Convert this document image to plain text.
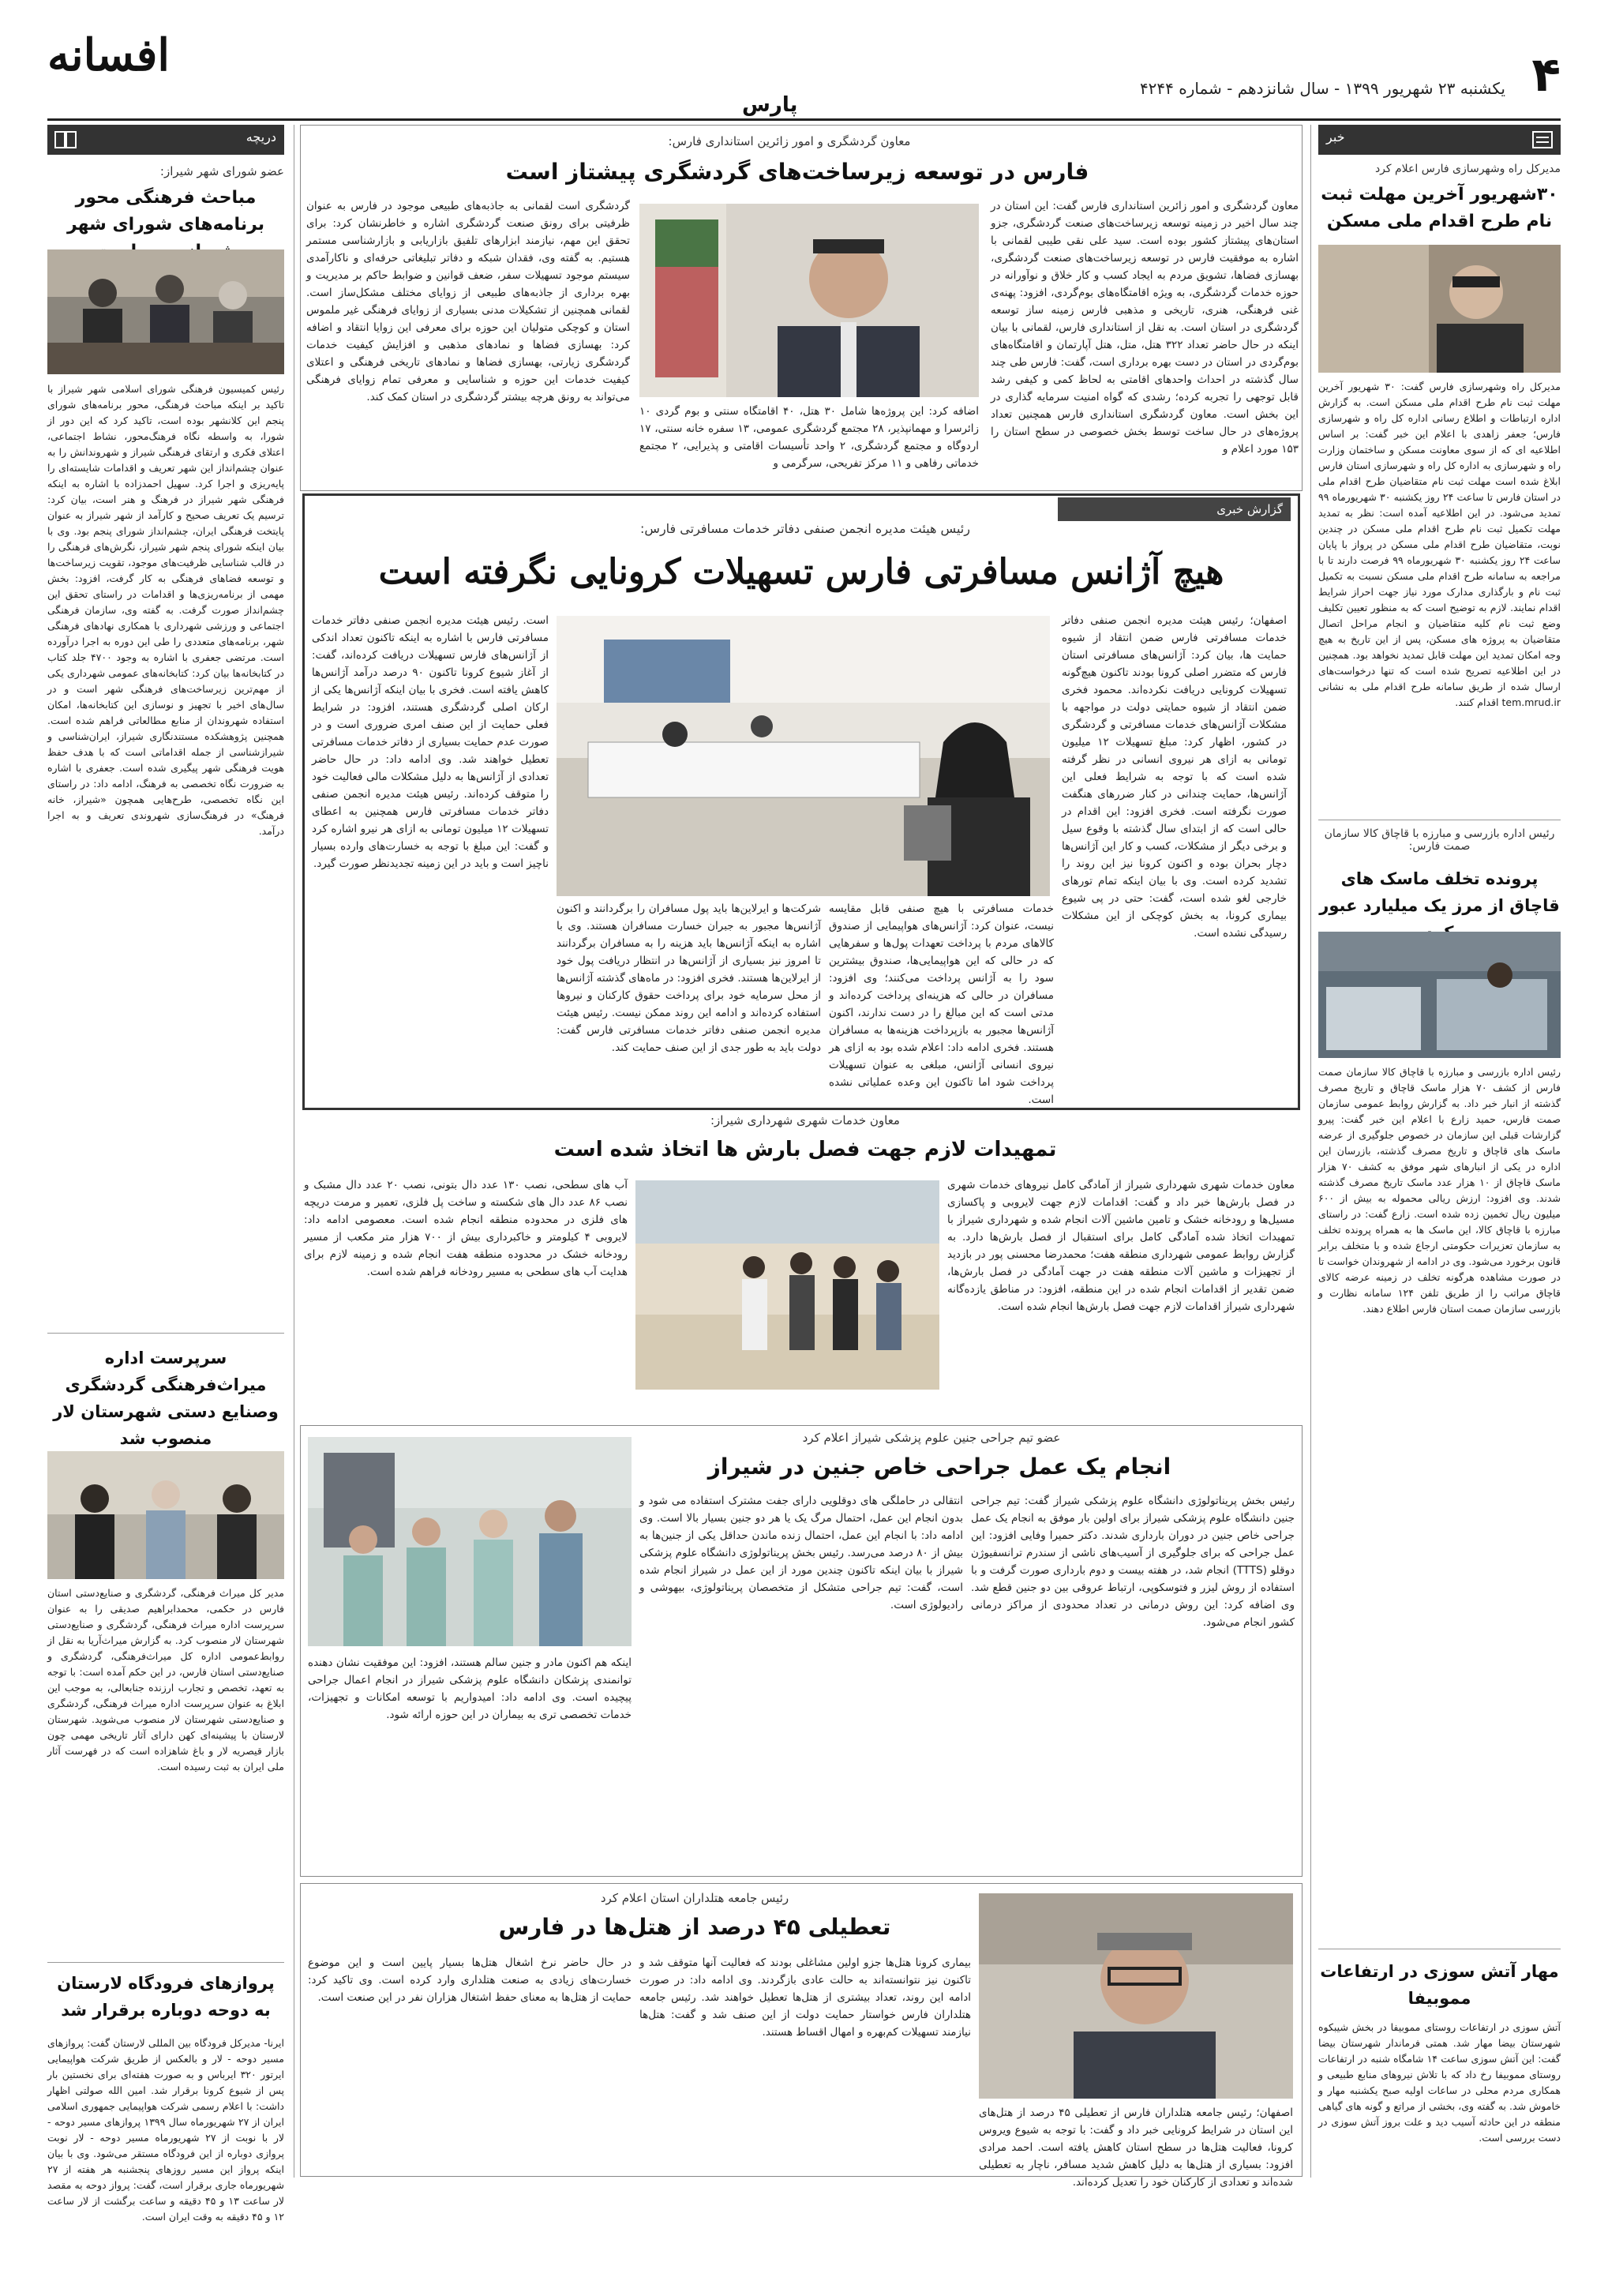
افسانه	۴
یکشنبه ۲۳ شهریور ۱۳۹۹ - سال شانزدهم - شماره ۴۲۴۴
پارس
دریچه
عضو شورای شهر شیراز:
مباحث فرهنگی محور برنامه‌های شورای شهر
رئیس کمیسیون فرهنگی شورای اسلامی شهر شیراز با تاکید بر اینکه مباحث فرهنگی، محور برنامه‌های شورای پنجم این کلانشهر بوده است، تاکید کرد که این دور از شورا، به واسطه نگاه فرهنگ‌محور، نشاط اجتماعی، اعتلای فکری و ارتقای فرهنگی شیراز و شهروندانش را به عنوان چشم‌انداز این شهر تعریف و اقدامات شایسته‌ای را پایه‌ریزی و اجرا کرد. سهیل احمدزاده با اشاره به اینکه فرهنگی شهر شیراز در فرهنگ و هنر است، بیان کرد: ترسیم یک تعریف صحیح و کارآمد از شهر شیراز به عنوان پایتخت فرهنگی ایران، چشم‌انداز شورای پنجم بود. وی با بیان اینکه شورای پنجم شهر شیراز، نگرش‌های فرهنگی را در قالب شناسایی ظرفیت‌های موجود، تقویت زیرساخت‌ها و توسعه فضاهای فرهنگی به کار گرفت، افزود: بخش مهمی از برنامه‌ریزی‌ها و اقدامات در راستای تحقق این چشم‌انداز صورت گرفت. به گفته وی، سازمان فرهنگی اجتماعی و ورزشی شهرداری با همکاری نهادهای فرهنگی شهر، برنامه‌های متعددی را طی این دوره به اجرا درآورده است. مرتضی جعفری با اشاره به وجود ۴۷۰۰ جلد کتاب در کتابخانه‌ها بیان کرد: کتابخانه‌های عمومی شهرداری یکی از مهم‌ترین زیرساخت‌های فرهنگی شهر است و در سال‌های اخیر با تجهیز و نوسازی این کتابخانه‌ها، امکان استفاده شهروندان از منابع مطالعاتی فراهم شده است. همچنین پژوهشکده مستندنگاری شیراز، ایران‌شناسی و شیرازشناسی از جمله اقداماتی است که با هدف حفظ هویت فرهنگی شهر پیگیری شده است. جعفری با اشاره به ضرورت نگاه تخصصی به فرهنگ، ادامه داد: در راستای این نگاه تخصصی، طرح‌هایی همچون «شیراز، خانه فرهنگ» در فرهنگ‌سازی شهروندی تعریف و به اجرا درآمد.
سرپرست اداره میراث‌فرهنگی گردشگری وصنایع دستی شهرستان لار منصوب شد
مدیر کل میراث فرهنگی، گردشگری و صنایع‌دستی استان فارس در حکمی، محمدابراهیم صدیقی را به عنوان سرپرست اداره میراث فرهنگی، گردشگری و صنایع‌دستی شهرستان لار منصوب کرد. به گزارش میراث‌آریا به نقل از روابط‌عمومی اداره کل میراث‌فرهنگی، گردشگری و صنایع‌دستی استان فارس، در این حکم آمده است: با توجه به تعهد، تخصص و تجارب ارزنده جنابعالی، به موجب این ابلاغ به عنوان سرپرست اداره میراث فرهنگی، گردشگری و صنایع‌دستی شهرستان لار منصوب می‌شوید. شهرستان لارستان با پیشینه‌ای کهن دارای آثار تاریخی مهمی چون بازار قیصریه لار و باغ شاهزاده است که در فهرست آثار ملی ایران به ثبت رسیده است.
پروازهای فرودگاه لارستان به دوحه دوباره برقرار شد
ایرنا- مدیرکل فرودگاه بین المللی لارستان گفت: پروازهای مسیر دوحه - لار و بالعکس از طریق شرکت هواپیمایی ایرتور ۳۲۰ ایرباس و به صورت هفته‌ای برای نخستین بار پس از شیوع کرونا برقرار شد. امین الله صولتی اظهار داشت: با اعلام رسمی شرکت هواپیمایی جمهوری اسلامی ایران از ۲۷ شهریورماه سال ۱۳۹۹ پروازهای مسیر دوحه - لار با نوبت از ۲۷ شهریورماه مسیر دوحه - لار نوبت پروازی دوباره از این فرودگاه مستقر می‌شود. وی با بیان اینکه پرواز این مسیر روزهای پنجشنبه هر هفته از ۲۷ شهریورماه جاری برقرار است، گفت: پرواز دوحه به مقصد لار ساعت ۱۳ و ۴۵ دقیقه و ساعت برگشت از لار ساعت ۱۲ و ۴۵ دقیقه به وقت ایران است.
خبر
مدیرکل راه وشهرسازی فارس اعلام کرد
۳۰شهریور آخرین مهلت ثبت نام طرح اقدام ملی مسکن
مدیرکل راه وشهرسازی فارس گفت: ۳۰ شهریور آخرین مهلت ثبت نام طرح اقدام ملی مسکن است. به گزارش اداره ارتباطات و اطلاع رسانی اداره کل راه و شهرسازی فارس؛ جعفر زاهدی با اعلام این خبر گفت: بر اساس اطلاعیه ای که از سوی معاونت مسکن و ساختمان وزارت راه و شهرسازی به اداره کل راه و شهرسازی استان فارس ابلاغ شده است مهلت ثبت نام متقاضیان طرح اقدام ملی در استان فارس تا ساعت ۲۴ روز یکشنبه ۳۰ شهریورماه ۹۹ تمدید می‌شود. در این اطلاعیه آمده است: نظر به تمدید مهلت تکمیل ثبت نام طرح اقدام ملی مسکن در چندین نوبت، متقاضیان طرح اقدام ملی مسکن در پرواز با پایان ساعت ۲۴ روز یکشنبه ۳۰ شهریورماه ۹۹ فرصت دارند تا با مراجعه به سامانه طرح اقدام ملی مسکن نسبت به تکمیل ثبت نام و بارگذاری مدارک مورد نیاز جهت احراز شرایط اقدام نمایند. لازم به توضیح است که به منظور تعیین تکلیف وضع ثبت نام کلیه متقاضیان و انجام مراحل اتصال متقاضیان به پروژه های مسکن، پس از این تاریخ به هیچ وجه امکان تمدید این مهلت قابل تمدید نخواهد بود. همچنین در این اطلاعیه تصریح شده است که تنها درخواست‌های ارسال شده از طریق سامانه طرح اقدام ملی به نشانی tem.mrud.ir اقدام کنند.
رئیس اداره بازرسی و مبارزه با قاچاق کالا سازمان صمت فارس:
پرونده تخلف ماسک های قاچاق از مرز یک میلیارد عبور
رئیس اداره بازرسی و مبارزه با قاچاق کالا سازمان صمت فارس از کشف ۷۰ هزار ماسک قاچاق و تاریخ مصرف گذشته از انبار خبر داد. به گزارش روابط عمومی سازمان صمت فارس، حمید زارع با اعلام این خبر گفت: پیرو گزارشات قبلی این سازمان در خصوص جلوگیری از عرضه ماسک های قاچاق و تاریخ مصرف گذشته، بازرسان این اداره در یکی از انبارهای شهر موفق به کشف ۷۰ هزار ماسک قاچاق از ۱۰ هزار عدد ماسک تاریخ مصرف گذشته شدند. وی افزود: ارزش ریالی محموله به بیش از ۶۰۰ میلیون ریال تخمین زده شده است. زارع گفت: در راستای مبارزه با قاچاق کالا، این ماسک ها به همراه پرونده تخلف به سازمان تعزیرات حکومتی ارجاع شده و با متخلف برابر قانون برخورد می‌شود. وی در ادامه از شهروندان خواست تا در صورت مشاهده هرگونه تخلف در زمینه عرضه کالای قاچاق مراتب را از طریق تلفن ۱۲۴ سامانه نظارت و بازرسی سازمان صمت استان فارس اطلاع دهند.
مهار آتش سوزی در ارتفاعات مموبیفا
آتش سوزی در ارتفاعات روستای مموبیفا در بخش شیبکوه شهرستان بیضا مهار شد. همتی فرماندار شهرستان بیضا گفت: این آتش سوزی ساعت ۱۴ شامگاه شنبه در ارتفاعات روستای مموبیفا رخ داد که با تلاش نیروهای منابع طبیعی و همکاری مردم محلی در ساعات اولیه صبح یکشنبه مهار و خاموش شد. به گفته وی، بخشی از مراتع و گونه های گیاهی منطقه در این حادثه آسیب دید و علت بروز آتش سوزی در دست بررسی است.
معاون گردشگری و امور زائرین استانداری فارس:
فارس در توسعه زیرساخت‌های گردشگری پیشتاز است
معاون گردشگری و امور زائرین استانداری فارس گفت: این استان در چند سال اخیر در زمینه توسعه زیرساخت‌های صنعت گردشگری، جزو استان‌های پیشتاز کشور بوده است. سید علی نقی طیبی لقمانی با اشاره به موفقیت فارس در توسعه زیرساخت‌های صنعت گردشگری، بهسازی فضاها، تشویق مردم به ایجاد کسب و کار خلاق و نوآورانه در حوزه خدمات گردشگری، به ویژه اقامتگاه‌های بوم‌گردی، افزود: پهنه‌ی غنی فرهنگی، هنری، تاریخی و مذهبی فارس زمینه ساز توسعه گردشگری در استان است. به نقل از استانداری فارس، لقمانی با بیان اینکه در حال حاضر تعداد ۳۲۲ هتل، متل، هتل آپارتمان و اقامتگاه‌های بوم‌گردی در استان در دست بهره برداری است، گفت: فارس طی چند سال گذشته در احداث واحدهای اقامتی به لحاظ کمی و کیفی رشد قابل توجهی را تجربه کرده؛ رشدی که گواه امنیت سرمایه گذاری در این بخش است. معاون گردشگری استانداری فارس همچنین تعداد پروژه‌های در حال ساخت توسط بخش خصوصی در سطح استان را ۱۵۳ مورد اعلام و
گردشگری است لقمانی به جاذبه‌های طبیعی موجود در فارس به عنوان ظرفیتی برای رونق صنعت گردشگری اشاره و خاطرنشان کرد: برای تحقق این مهم، نیازمند ابزارهای تلفیق بازاریابی و بازارشناسی مستمر هستیم. به گفته وی، فقدان شبکه و دفاتر تبلیغاتی حرفه‌ای و ناکارآمدی سیستم موجود تسهیلات سفر، ضعف قوانین و ضوابط حاکم بر مدیریت و بهره برداری از جاذبه‌های طبیعی از زوایای مختلف مشکل‌ساز است. لقمانی همچنین از تشکیلات مدنی بسیاری از زوایای فرهنگی غیر ملموس استان و کوچکی متولیان این حوزه برای معرفی این زوایا انتقاد و اضافه کرد: بهسازی فضاها و نمادهای مذهبی و افزایش کیفیت خدمات گردشگری زیارتی، بهسازی فضاها و نمادهای تاریخی فرهنگی و اعتلای کیفیت خدمات این حوزه و شناسایی و معرفی تمام زوایای فرهنگی می‌تواند به رونق هرچه بیشتر گردشگری در استان کمک کند.
اضافه کرد: این پروژه‌ها شامل ۳۰ هتل، ۴۰ اقامتگاه سنتی و بوم گردی ۱۰ زائرسرا و مهمانپذیر، ۲۸ مجتمع گردشگری عمومی، ۱۳ سفره خانه سنتی، ۱۷ اردوگاه و مجتمع گردشگری، ۲ واحد تأسیسات اقامتی و پذیرایی، ۲ مجتمع خدماتی رفاهی و ۱۱ مرکز تفریحی، سرگرمی و
گزارش خبری
رئیس هیئت مدیره انجمن صنفی دفاتر خدمات مسافرتی فارس:
هیچ آژانس مسافرتی فارس تسهیلات کرونایی نگرفته است
اصفهان؛ رئیس هیئت مدیره انجمن صنفی دفاتر خدمات مسافرتی فارس ضمن انتقاد از شیوه حمایت ها، بیان کرد: آژانس‌های مسافرتی استان فارس که متضرر اصلی کرونا بودند تاکنون هیچ‌گونه تسهیلات کرونایی دریافت نکرده‌اند. محمود فخری ضمن انتقاد از شیوه حمایتی دولت در مواجهه با مشکلات آژانس‌های خدمات مسافرتی و گردشگری در کشور، اظهار کرد: مبلغ تسهیلات ۱۲ میلیون تومانی به ازای هر نیروی انسانی در نظر گرفته شده است که با توجه به شرایط فعلی این آژانس‌ها، حمایت چندانی در کنار ضررهای هنگفت صورت نگرفته است. فخری افزود: این اقدام در حالی است که از ابتدای سال گذشته با وقوع سیل و برخی دیگر از مشکلات، کسب و کار این آژانس‌ها دچار بحران بوده و اکنون کرونا نیز این روند را تشدید کرده است. وی با بیان اینکه تمام تورهای خارجی لغو شده است، گفت: حتی در پی شیوع بیماری کرونا، به بخش کوچکی از این مشکلات رسیدگی نشده است.
خدمات مسافرتی با هیچ صنفی قابل مقایسه نیست، عنوان کرد: آژانس‌های هواپیمایی از صندوق کالاهای مردم با پرداخت تعهدات پول‌ها و سفرهایی که در حالی که این هواپیمایی‌ها، صندوق بیشترین سود را به آژانس پرداخت می‌کنند؛ وی افزود: مسافران در حالی که هزینه‌ای پرداخت کرده‌اند و مدتی است که این مبالغ را در دست ندارند، اکنون آژانس‌ها مجبور به بازپرداخت هزینه‌ها به مسافران هستند. فخری ادامه داد: اعلام شده بود به ازای هر نیروی انسانی آژانس، مبلغی به عنوان تسهیلات پرداخت شود اما تاکنون این وعده عملیاتی نشده است.
شرکت‌ها و ایرلاین‌ها باید پول مسافران را برگردانند و اکنون آژانس‌ها مجبور به جبران خسارت مسافران هستند. وی با اشاره به اینکه آژانس‌ها باید هزینه را به مسافران برگردانند تا امروز نیز بسیاری از آژانس‌ها در انتظار دریافت پول خود از ایرلاین‌ها هستند. فخری افزود: در ماه‌های گذشته آژانس‌ها از محل سرمایه خود برای پرداخت حقوق کارکنان و نیروها استفاده کرده‌اند و ادامه این روند ممکن نیست. رئیس هیئت مدیره انجمن صنفی دفاتر خدمات مسافرتی فارس گفت: دولت باید به طور جدی از این صنف حمایت کند.
است. رئیس هیئت مدیره انجمن صنفی دفاتر خدمات مسافرتی فارس با اشاره به اینکه تاکنون تعداد اندکی از آژانس‌های فارس تسهیلات دریافت کرده‌اند، گفت: از آغاز شیوع کرونا تاکنون ۹۰ درصد درآمد آژانس‌ها کاهش یافته است. فخری با بیان اینکه آژانس‌ها یکی از ارکان اصلی گردشگری هستند، افزود: در شرایط فعلی حمایت از این صنف امری ضروری است و در صورت عدم حمایت بسیاری از دفاتر خدمات مسافرتی تعطیل خواهند شد. وی ادامه داد: در حال حاضر تعدادی از آژانس‌ها به دلیل مشکلات مالی فعالیت خود را متوقف کرده‌اند. رئیس هیئت مدیره انجمن صنفی دفاتر خدمات مسافرتی فارس همچنین به اعطای تسهیلات ۱۲ میلیون تومانی به ازای هر نیرو اشاره کرد و گفت: این مبلغ با توجه به خسارت‌های وارده بسیار ناچیز است و باید در این زمینه تجدیدنظر صورت گیرد.
معاون خدمات شهری شهرداری شیراز:
تمهیدات لازم جهت فصل بارش ها اتخاذ شده است
معاون خدمات شهری شهرداری شیراز از آمادگی کامل نیروهای خدمات شهری در فصل بارش‌ها خبر داد و گفت: اقدامات لازم جهت لایروبی و پاکسازی مسیل‌ها و رودخانه خشک و تامین ماشین آلات انجام شده و شهرداری شیراز با تمهیدات اتخاذ شده آمادگی کامل برای استقبال از فصل بارش‌ها دارد. به گزارش روابط عمومی شهرداری منطقه هفت؛ محمدرضا محسنی پور در بازدید از تجهیزات و ماشین آلات منطقه هفت در جهت آمادگی در فصل بارش‌ها، ضمن تقدیر از اقدامات انجام شده در این منطقه، افزود: در مناطق یازده‌گانه شهرداری شیراز اقدامات لازم جهت فصل بارش‌ها انجام شده است.
آب های سطحی، نصب ۱۳۰ عدد دال بتونی، نصب ۲۰ عدد دال مشبک و نصب ۸۶ عدد دال های شکسته و ساخت پل فلزی، تعمیر و مرمت دریچه های فلزی در محدوده منطقه انجام شده است. معصومی ادامه داد: لایروبی ۴ کیلومتر و خاکبرداری بیش از ۷۰۰ هزار متر مکعب از مسیر رودخانه خشک در محدوده منطقه هفت انجام شده و زمینه لازم برای هدایت آب های سطحی به مسیر رودخانه فراهم شده است.
عضو تیم جراحی جنین علوم پزشکی شیراز اعلام کرد
انجام یک عمل جراحی خاص جنین در شیراز
رئیس بخش پریناتولوژی دانشگاه علوم پزشکی شیراز گفت: تیم جراحی جنین دانشگاه علوم پزشکی شیراز برای اولین بار موفق به انجام یک عمل جراحی خاص جنین در دوران بارداری شدند. دکتر حمیرا وفایی افزود: این عمل جراحی که برای جلوگیری از آسیب‌های ناشی از سندرم ترانسفیوژن دوقلو (TTTS) انجام شد، در هفته بیست و دوم بارداری صورت گرفت و با استفاده از روش لیزر و فتوسکوپی، ارتباط عروقی بین دو جنین قطع شد. وی اضافه کرد: این روش درمانی در تعداد محدودی از مراکز درمانی کشور انجام می‌شود.
انتقالی در حاملگی های دوقلویی دارای جفت مشترک استفاده می شود و بدون انجام این عمل، احتمال مرگ یک یا هر دو جنین بسیار بالا است. وی ادامه داد: با انجام این عمل، احتمال زنده ماندن حداقل یکی از جنین‌ها به بیش از ۸۰ درصد می‌رسد. رئیس بخش پریناتولوژی دانشگاه علوم پزشکی شیراز با بیان اینکه تاکنون چندین مورد از این عمل در شیراز انجام شده است، گفت: تیم جراحی متشکل از متخصصان پریناتولوژی، بیهوشی و رادیولوژی است.
اینکه هم اکنون مادر و جنین سالم هستند، افزود: این موفقیت نشان دهنده توانمندی پزشکان دانشگاه علوم پزشکی شیراز در انجام اعمال جراحی پیچیده است. وی ادامه داد: امیدواریم با توسعه امکانات و تجهیزات، خدمات تخصصی تری به بیماران در این حوزه ارائه شود.
رئیس جامعه هتلداران استان اعلام کرد
تعطیلی ۴۵ درصد از هتل‌ها در فارس
اصفهان؛ رئیس جامعه هتلداران فارس از تعطیلی ۴۵ درصد از هتل‌های این استان در شرایط کرونایی خبر داد و گفت: با توجه به شیوع ویروس کرونا، فعالیت هتل‌ها در سطح استان کاهش یافته است. احمد مرادی افزود: بسیاری از هتل‌ها به دلیل کاهش شدید مسافر، ناچار به تعطیلی شده‌اند و تعدادی از کارکنان خود را تعدیل کرده‌اند.
بیماری کرونا هتل‌ها جزو اولین مشاغلی بودند که فعالیت آنها متوقف شد و تاکنون نیز نتوانسته‌اند به حالت عادی بازگردند. وی ادامه داد: در صورت ادامه این روند، تعداد بیشتری از هتل‌ها تعطیل خواهند شد. رئیس جامعه هتلداران فارس خواستار حمایت دولت از این صنف شد و گفت: هتل‌ها نیازمند تسهیلات کم‌بهره و امهال اقساط هستند.
در حال حاضر نرخ اشغال هتل‌ها بسیار پایین است و این موضوع خسارت‌های زیادی به صنعت هتلداری وارد کرده است. وی تاکید کرد: حمایت از هتل‌ها به معنای حفظ اشتغال هزاران نفر در این صنعت است.
